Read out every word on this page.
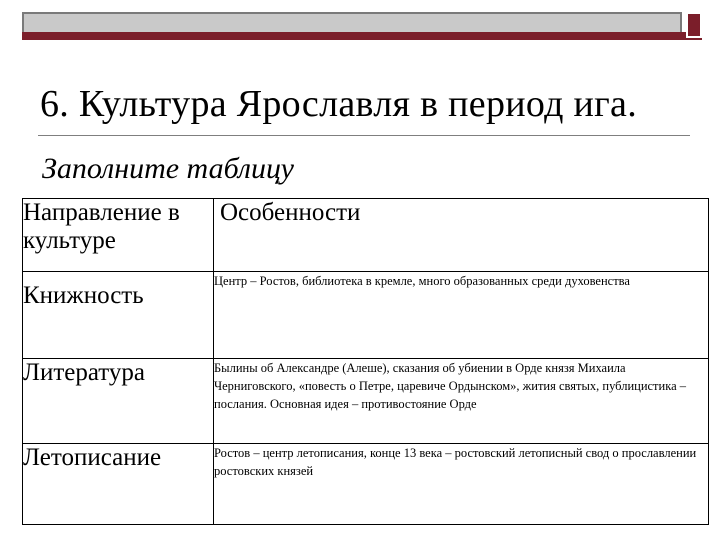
6. Культура Ярославля в период ига.
Заполните таблицу
Направление в культуре	Особенности
Книжность	Центр – Ростов, библиотека в кремле, много образованных среди духовенства
Литература	Былины об Александре (Алеше), сказания об убиении в Орде князя Михаила Черниговского, «повесть о Петре, царевиче Ордынском», жития святых, публицистика – послания. Основная идея – противостояние Орде
Летописание	Ростов – центр летописания, конце 13 века – ростовский летописный свод о прославлении ростовских князей
